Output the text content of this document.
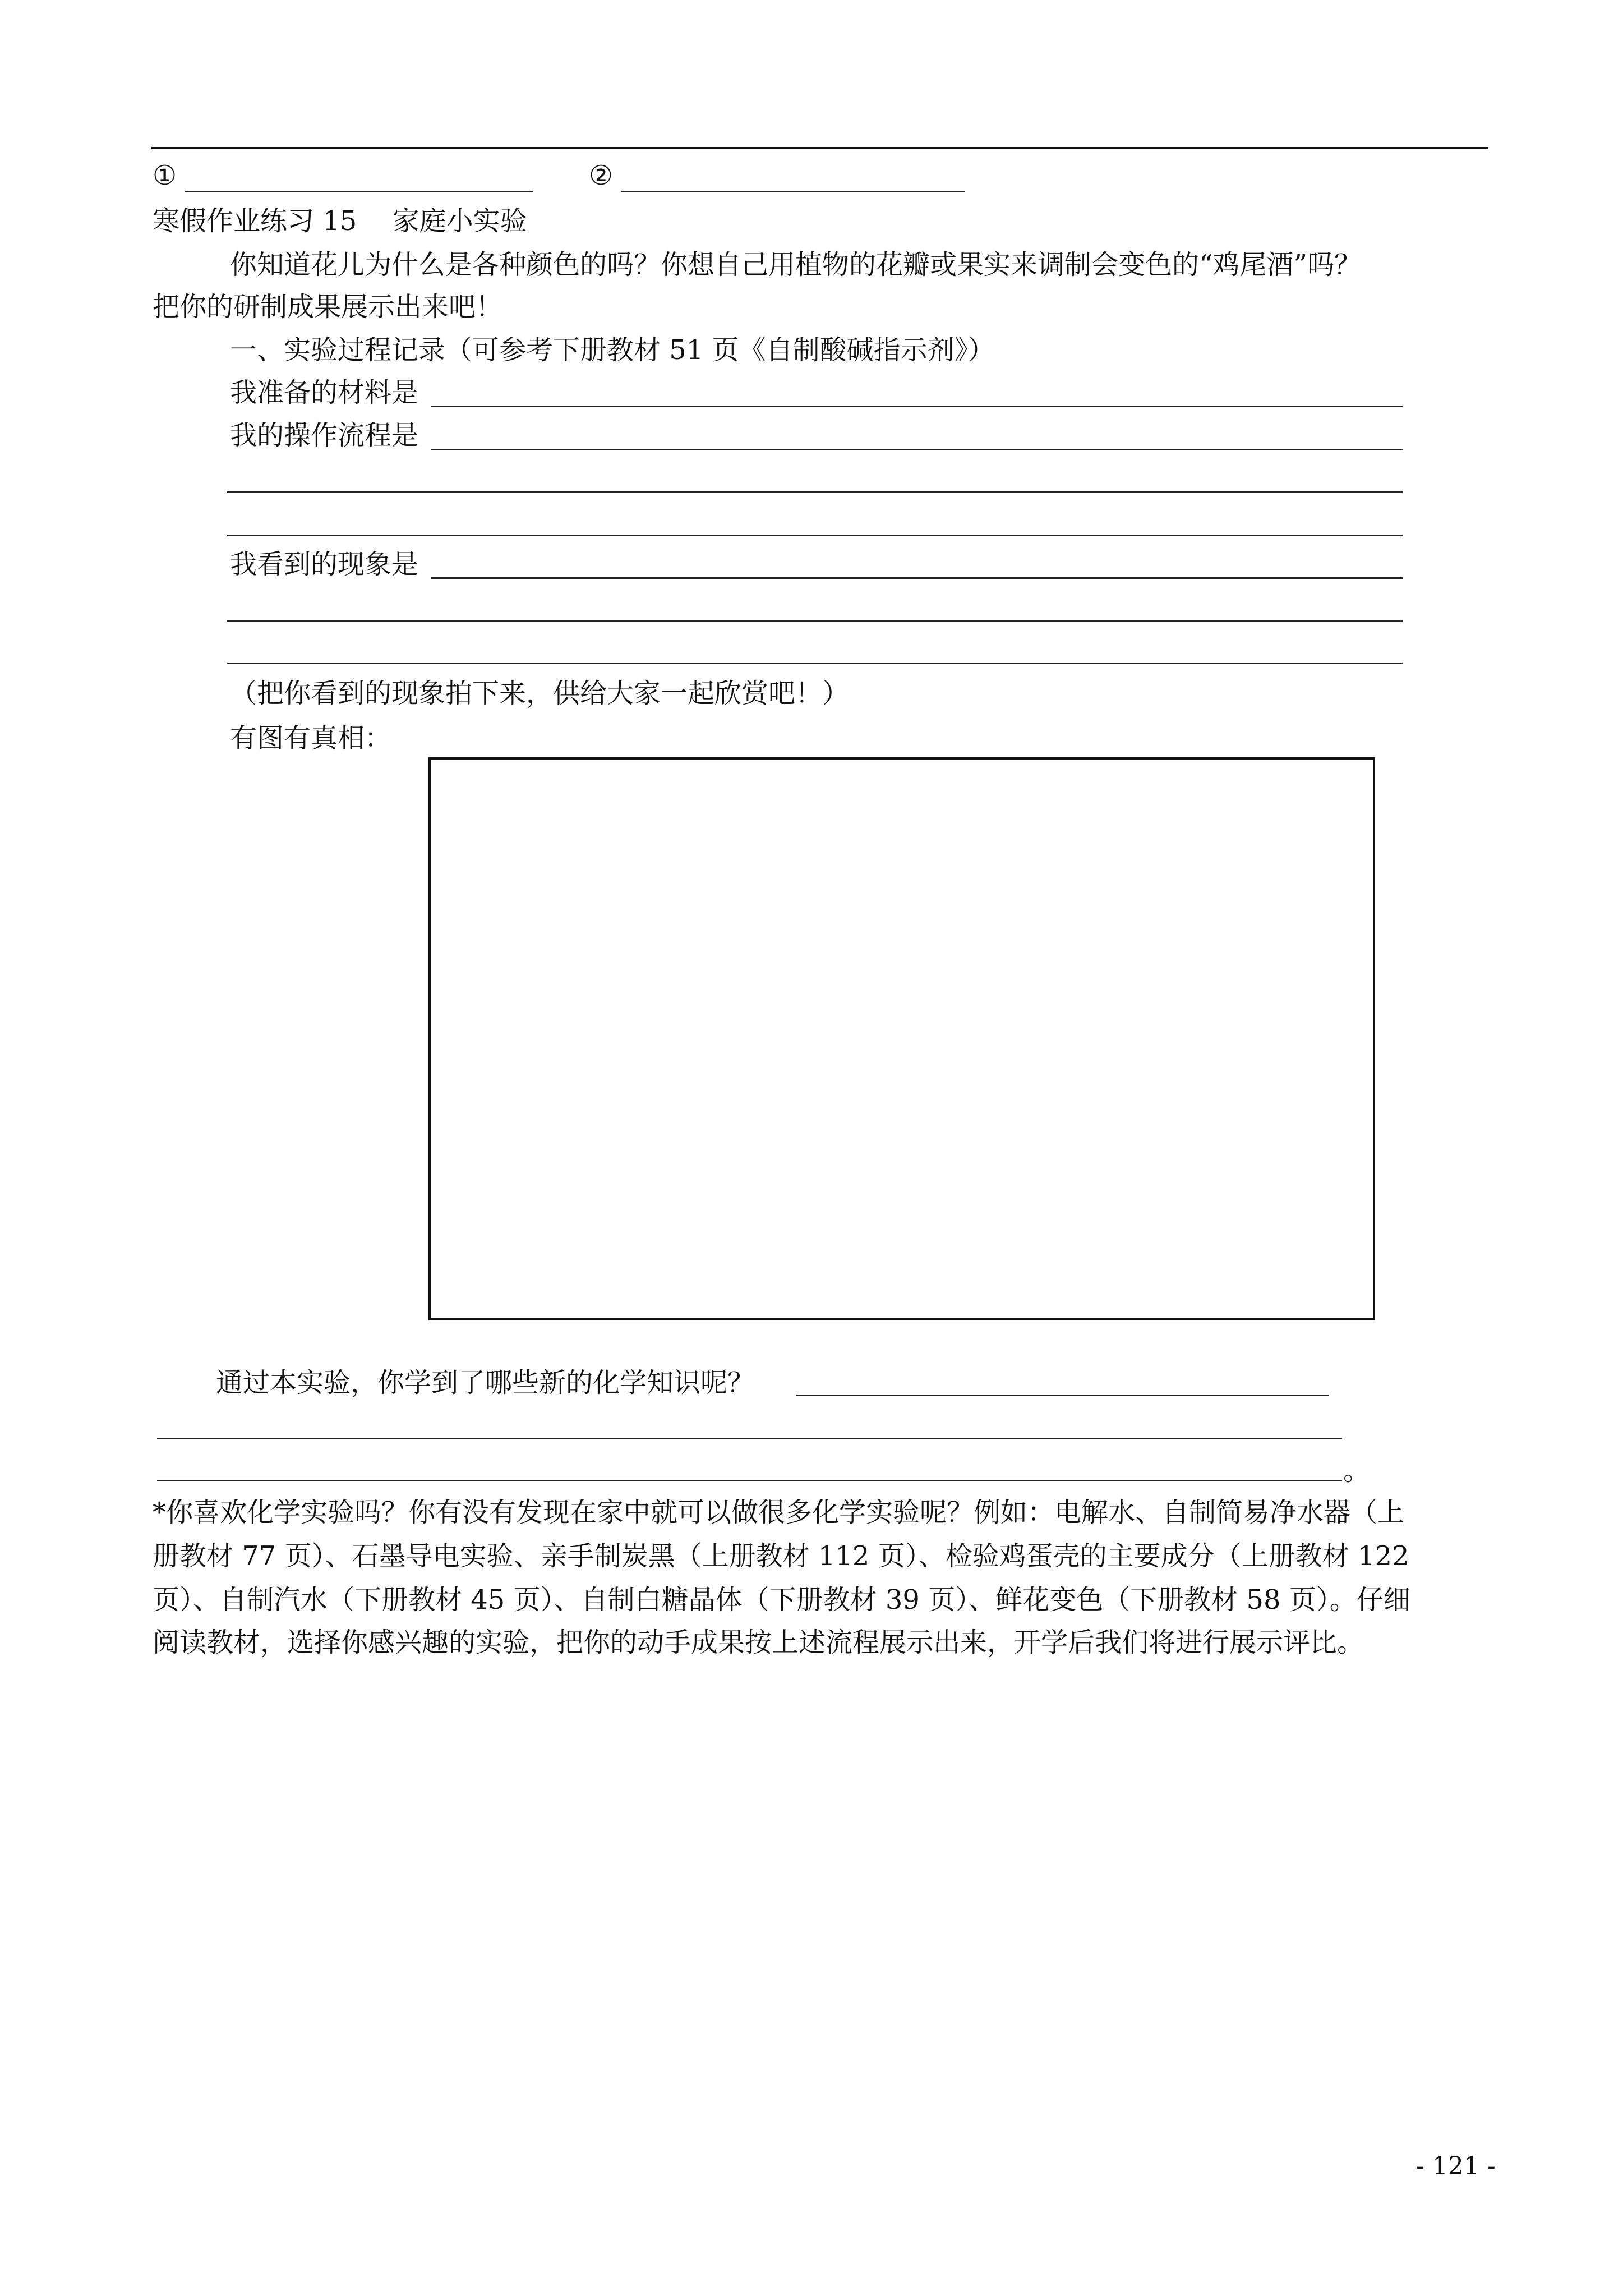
①	②
寒假作业练习 15　 家庭小实验
你知道花儿为什么是各种颜色的吗？你想自己用植物的花瓣或果实来调制会变色的“鸡尾酒”吗？
把你的研制成果展示出来吧！
一、实验过程记录（可参考下册教材 51 页《自制酸碱指示剂》）
我准备的材料是
我的操作流程是
我看到的现象是
（把你看到的现象拍下来，供给大家一起欣赏吧！）
有图有真相：
通过本实验，你学到了哪些新的化学知识呢？
。
*你喜欢化学实验吗？你有没有发现在家中就可以做很多化学实验呢？例如：电解水、自制简易净水器（上
册教材 77 页）、石墨导电实验、亲手制炭黑（上册教材 112 页）、检验鸡蛋壳的主要成分（上册教材 122
页）、自制汽水（下册教材 45 页）、自制白糖晶体（下册教材 39 页）、鲜花变色（下册教材 58 页）。仔细
阅读教材，选择你感兴趣的实验，把你的动手成果按上述流程展示出来，开学后我们将进行展示评比。
- 121 -
